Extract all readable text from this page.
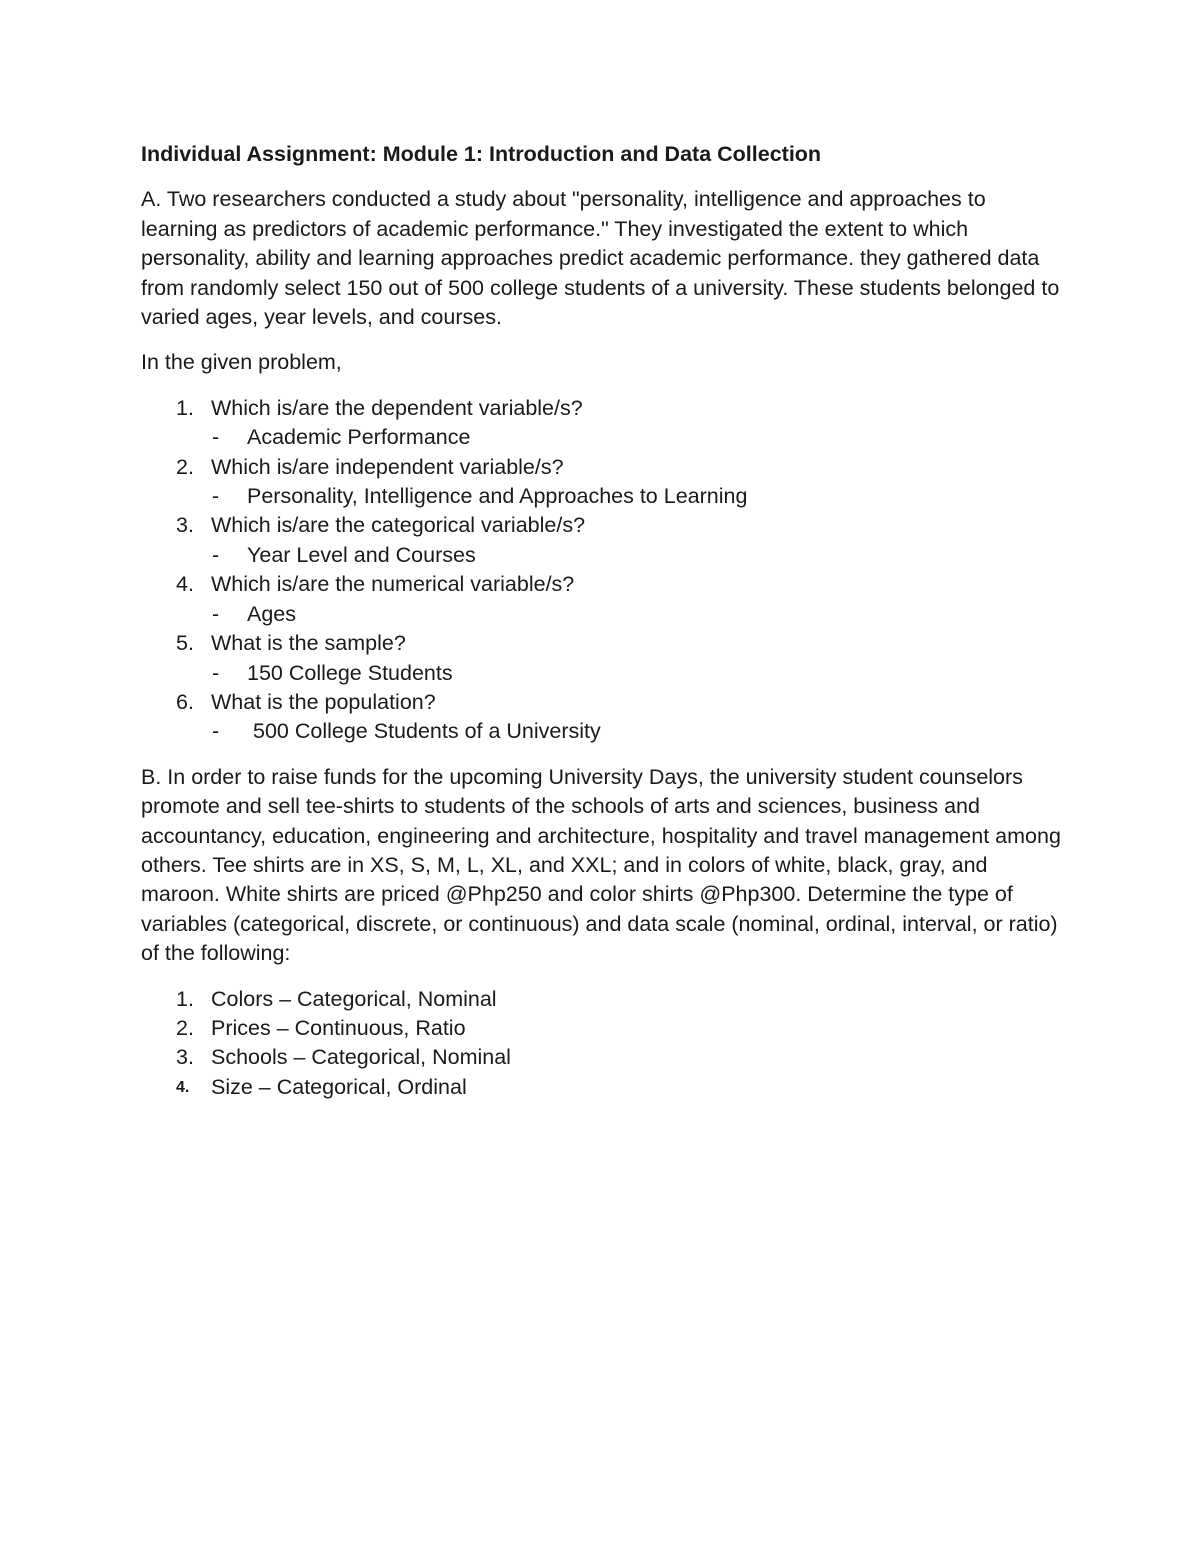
Individual Assignment: Module 1: Introduction and Data Collection
A. Two researchers conducted a study about "personality, intelligence and approaches to learning as predictors of academic performance." They investigated the extent to which personality, ability and learning approaches predict academic performance. they gathered data from randomly select 150 out of 500 college students of a university. These students belonged to varied ages, year levels, and courses.
In the given problem,
1. Which is/are the dependent variable/s?
- Academic Performance
2. Which is/are independent variable/s?
- Personality, Intelligence and Approaches to Learning
3. Which is/are the categorical variable/s?
- Year Level and Courses
4. Which is/are the numerical variable/s?
- Ages
5. What is the sample?
- 150 College Students
6. What is the population?
- 500 College Students of a University
B. In order to raise funds for the upcoming University Days, the university student counselors promote and sell tee-shirts to students of the schools of arts and sciences, business and accountancy, education, engineering and architecture, hospitality and travel management among others. Tee shirts are in XS, S, M, L, XL, and XXL; and in colors of white, black, gray, and maroon. White shirts are priced @Php250 and color shirts @Php300. Determine the type of variables (categorical, discrete, or continuous) and data scale (nominal, ordinal, interval, or ratio) of the following:
1. Colors – Categorical, Nominal
2. Prices – Continuous, Ratio
3. Schools – Categorical, Nominal
4. Size – Categorical, Ordinal
